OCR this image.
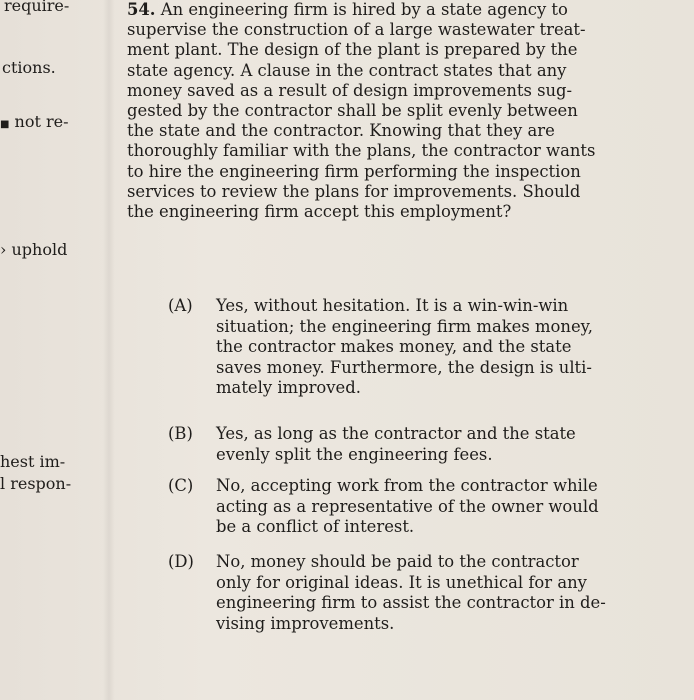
require-
ctions.
■ not re-
› uphold
hest im-
l respon-
54. An engineering firm is hired by a state agency to
supervise the construction of a large wastewater treat-
ment plant. The design of the plant is prepared by the
state agency. A clause in the contract states that any
money saved as a result of design improvements sug-
gested by the contractor shall be split evenly between
the state and the contractor. Knowing that they are
thoroughly familiar with the plans, the contractor wants
to hire the engineering firm performing the inspection
services to review the plans for improvements. Should
the engineering firm accept this employment?
(A)	Yes, without hesitation. It is a win-win-win
situation; the engineering firm makes money,
the contractor makes money, and the state
saves money. Furthermore, the design is ulti-
mately improved.
(B)	Yes, as long as the contractor and the state
evenly split the engineering fees.
(C)	No, accepting work from the contractor while
acting as a representative of the owner would
be a conflict of interest.
(D)	No, money should be paid to the contractor
only for original ideas. It is unethical for any
engineering firm to assist the contractor in de-
vising improvements.
